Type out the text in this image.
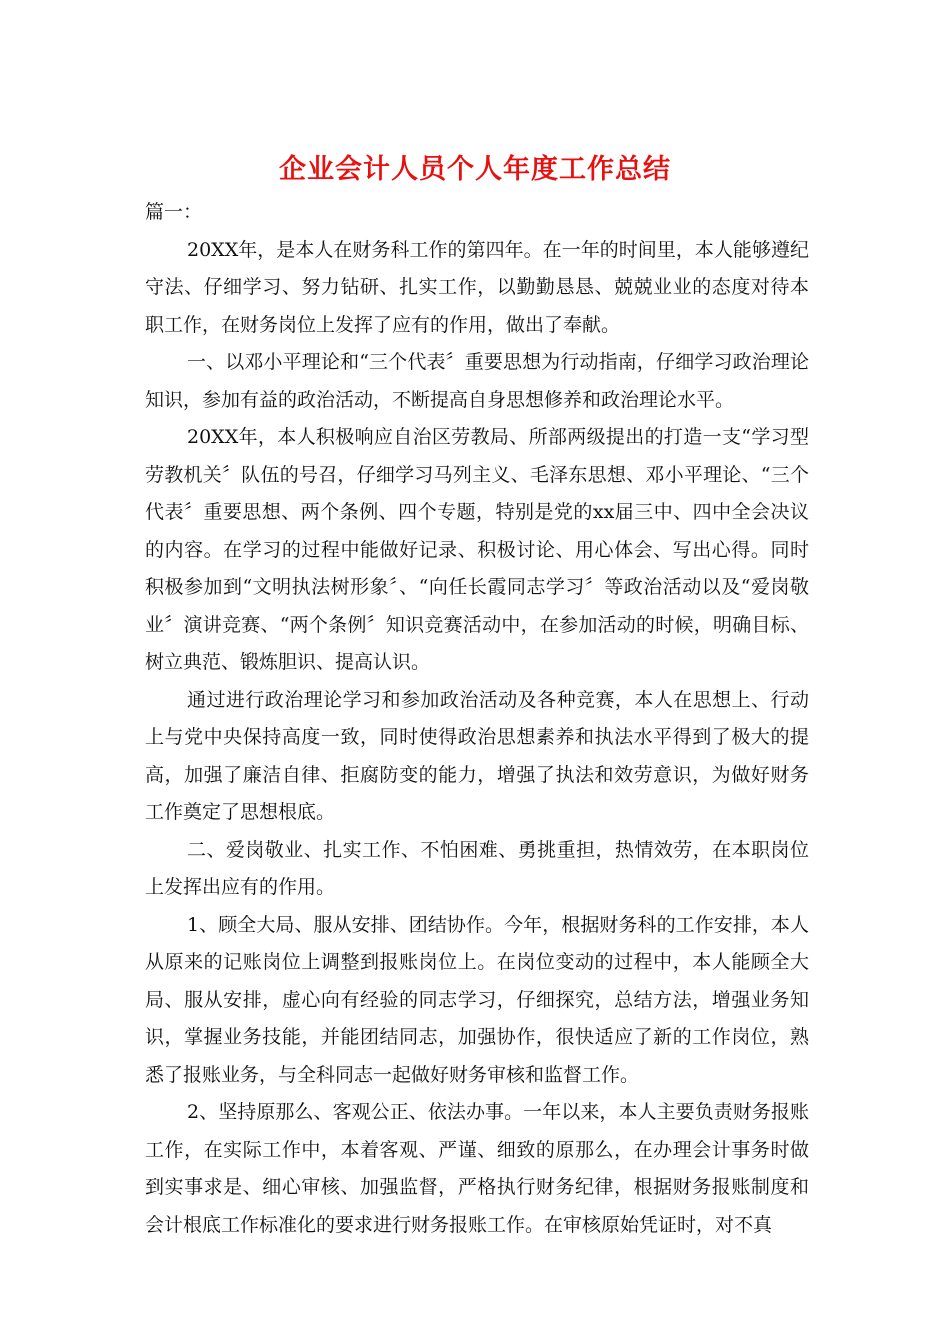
企业会计人员个人年度工作总结

篇一：

20XX年，是本人在财务科工作的第四年。在一年的时间里，本人能够遵纪守法、仔细学习、努力钻研、扎实工作，以勤勤恳恳、兢兢业业的态度对待本职工作，在财务岗位上发挥了应有的作用，做出了奉献。

一、以邓小平理论和“三个代表〞重要思想为行动指南，仔细学习政治理论知识，参加有益的政治活动，不断提高自身思想修养和政治理论水平。

20XX年，本人积极响应自治区劳教局、所部两级提出的打造一支“学习型劳教机关〞队伍的号召，仔细学习马列主义、毛泽东思想、邓小平理论、“三个代表〞重要思想、两个条例、四个专题，特别是党的xx届三中、四中全会决议的内容。在学习的过程中能做好记录、积极讨论、用心体会、写出心得。同时积极参加到“文明执法树形象〞、“向任长霞同志学习〞等政治活动以及“爱岗敬业〞演讲竞赛、“两个条例〞知识竞赛活动中，在参加活动的时候，明确目标、树立典范、锻炼胆识、提高认识。

通过进行政治理论学习和参加政治活动及各种竞赛，本人在思想上、行动上与党中央保持高度一致，同时使得政治思想素养和执法水平得到了极大的提高，加强了廉洁自律、拒腐防变的能力，增强了执法和效劳意识，为做好财务工作奠定了思想根底。

二、爱岗敬业、扎实工作、不怕困难、勇挑重担，热情效劳，在本职岗位上发挥出应有的作用。

1、顾全大局、服从安排、团结协作。今年，根据财务科的工作安排，本人从原来的记账岗位上调整到报账岗位上。在岗位变动的过程中，本人能顾全大局、服从安排，虚心向有经验的同志学习，仔细探究，总结方法，增强业务知识，掌握业务技能，并能团结同志，加强协作，很快适应了新的工作岗位，熟悉了报账业务，与全科同志一起做好财务审核和监督工作。

2、坚持原那么、客观公正、依法办事。一年以来，本人主要负责财务报账工作，在实际工作中，本着客观、严谨、细致的原那么，在办理会计事务时做到实事求是、细心审核、加强监督，严格执行财务纪律，根据财务报账制度和会计根底工作标准化的要求进行财务报账工作。在审核原始凭证时，对不真
